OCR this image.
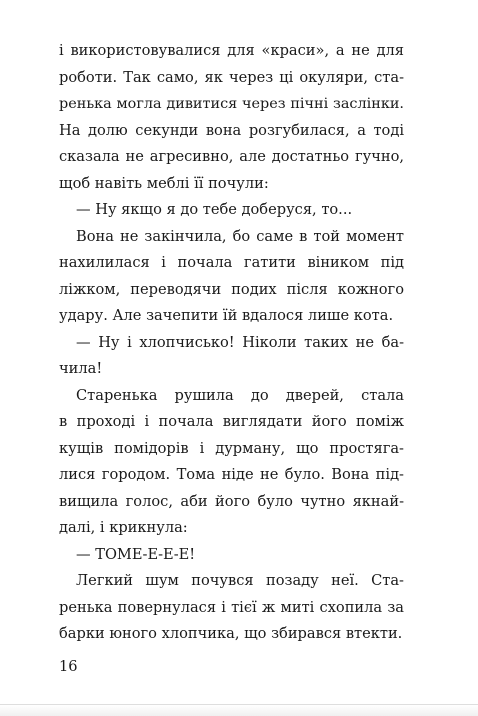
і використовувалися для «краси», а не для
роботи. Так само, як через ці окуляри, ста-
ренька могла дивитися через пічні заслінки.
На долю секунди вона розгубилася, а тоді
сказала не агресивно, але достатньо гучно,
щоб навіть меблі її почули:
— Ну якщо я до тебе доберуся, то...
Вона не закінчила, бо саме в той момент
нахилилася і почала гатити віником під
ліжком, переводячи подих після кожного
удару. Але зачепити їй вдалося лише кота.
— Ну і хлопчисько! Ніколи таких не ба-
чила!
Старенька рушила до дверей, стала
в проході і почала виглядати його поміж
кущів помідорів і дурману, що простяга-
лися городом. Тома ніде не було. Вона під-
вищила голос, аби його було чутно якнай-
далі, і крикнула:
— ТОМЕ-Е-Е-Е!
Легкий шум почувся позаду неї. Ста-
ренька повернулася і тієї ж миті схопила за
барки юного хлопчика, що збирався втекти.
16
